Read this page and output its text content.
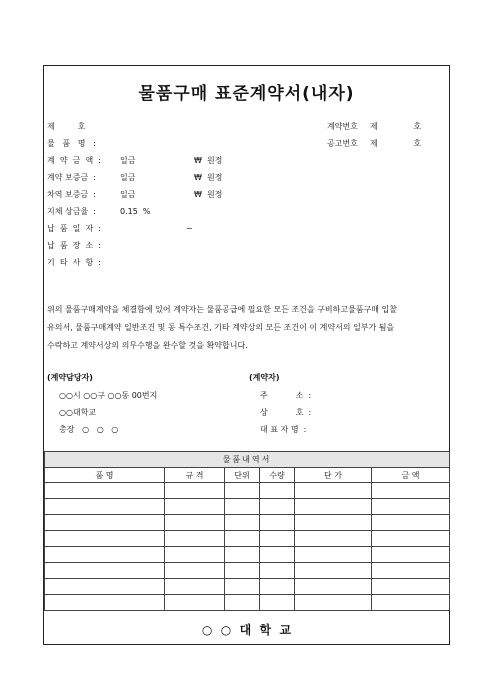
물품구매 표준계약서(내자)
제         호
물   품   명   :
계  약  금  액  : 일금                       ₩  원정
계약 보증금  :	일금                       ₩  원정
차역 보증금  :	일금                       ₩  원정
지체 상금율  :	0.15  %
납  품  일  자  : ~
납  품  장  소  :
기  타  사  항  :
계약번호 제              호
공고번호 제              호
위의 물품구매계약을 체결함에 있어 계약자는 물품공급에 필요한 모든 조건을 구비하고물품구매 입찰
유의서, 물품구매계약 일반조건 및 동 특수조건, 기타 계약상의 모든 조건이 이 계약서의 일부가 됨을
수락하고 계약서상의 의무수행을 완수할 것을 확약합니다.
(계약담당자)
○○시 ○○구 ○○동 00번지
○○대학교
총장   ○   ○   ○
(계약자)
주           소  :
상           호  :
대 표 자 명  :
물품내역서					
품 명	규 격	단위	수량	단 가	금 액

○  ○  대  학  교
